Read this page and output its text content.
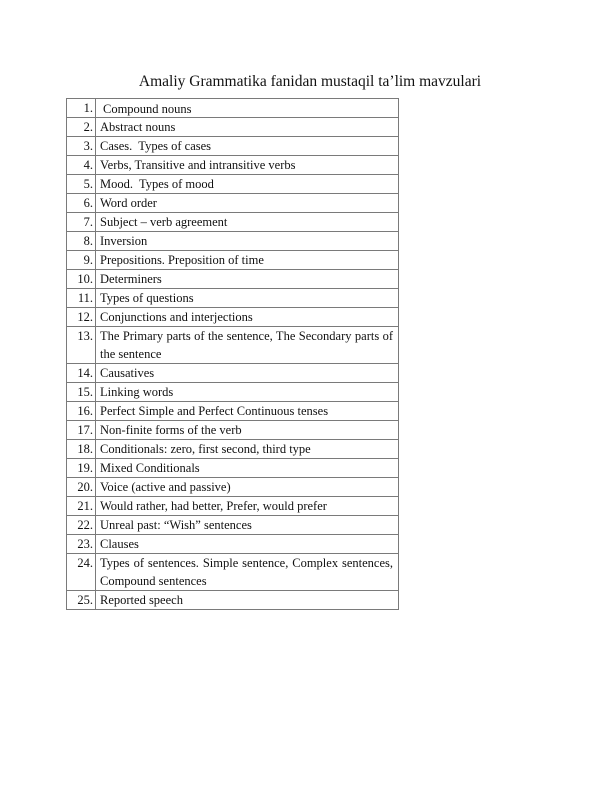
Amaliy Grammatika fanidan mustaqil ta’lim mavzulari
1.	Compound nouns
2.	Abstract nouns
3.	Cases.  Types of cases
4.	Verbs, Transitive and intransitive verbs
5.	Mood.  Types of mood
6.	Word order
7.	Subject – verb agreement
8.	Inversion
9.	Prepositions. Preposition of time
10.	Determiners
11.	Types of questions
12.	Conjunctions and interjections
13.	The Primary parts of the sentence, The Secondary parts of the sentence
14.	Causatives
15.	Linking words
16.	Perfect Simple and Perfect Continuous tenses
17.	Non-finite forms of the verb
18.	Conditionals: zero, first second, third type
19.	Mixed Conditionals
20.	Voice (active and passive)
21.	Would rather, had better, Prefer, would prefer
22.	Unreal past: “Wish” sentences
23.	Clauses
24.	Types of sentences. Simple sentence, Complex sentences, Compound sentences
25.	Reported speech
